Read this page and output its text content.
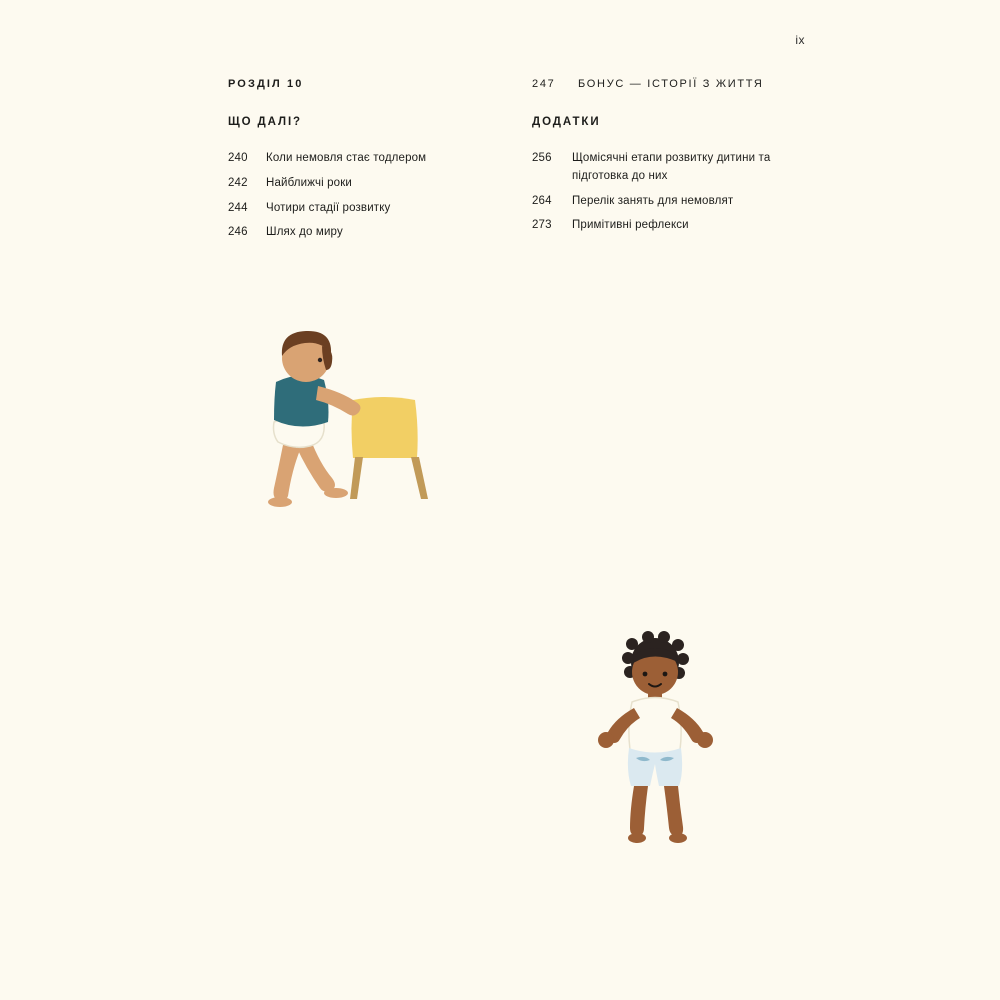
ix
РОЗДІЛ 10
ЩО ДАЛІ?
240	Коли немовля стає тодлером
242	Найближчі роки
244	Чотири стадії розвитку
246	Шлях до миру
247	БОНУС — ІСТОРІЇ З ЖИТТЯ
ДОДАТКИ
256	Щомісячні етапи розвитку дитини та підготовка до них
264	Перелік занять для немовлят
273	Примітивні рефлекси
